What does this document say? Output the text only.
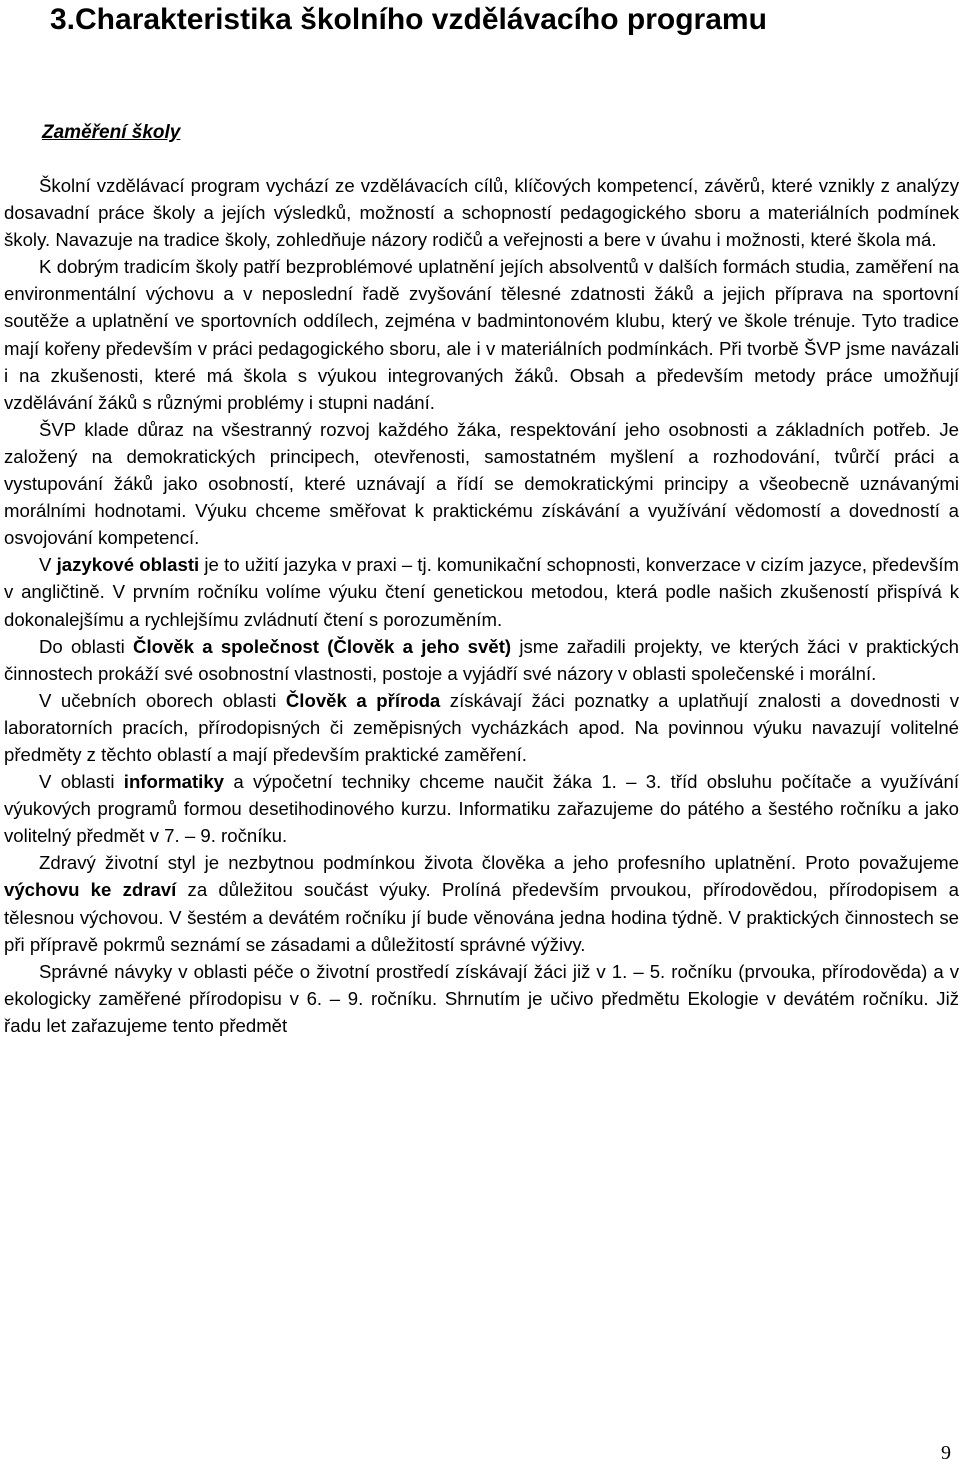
3.Charakteristika školního vzdělávacího programu
Zaměření školy

Školní vzdělávací program vychází ze vzdělávacích cílů, klíčových kompetencí, závěrů, které vznikly z analýzy dosavadní práce školy a jejích výsledků, možností a schopností pedagogického sboru a materiálních podmínek školy. Navazuje na tradice školy, zohledňuje názory rodičů a veřejnosti a bere v úvahu i možnosti, které škola má.

K dobrým tradicím školy patří bezproblémové uplatnění jejích absolventů v dalších formách studia, zaměření na environmentální výchovu a v neposlední řadě zvyšování tělesné zdatnosti žáků a jejich příprava na sportovní soutěže a uplatnění ve sportovních oddílech, zejména v badmintonovém klubu, který ve škole trénuje. Tyto tradice mají kořeny především v práci pedagogického sboru, ale i v materiálních podmínkách. Při tvorbě ŠVP jsme navázali i na zkušenosti, které má škola s výukou integrovaných žáků. Obsah a především metody práce umožňují vzdělávání žáků s různými problémy i stupni nadání.

ŠVP klade důraz na všestranný rozvoj každého žáka, respektování jeho osobnosti a základních potřeb. Je založený na demokratických principech, otevřenosti, samostatném myšlení a rozhodování, tvůrčí práci a vystupování žáků jako osobností, které uznávají a řídí se demokratickými principy a všeobecně uznávanými morálními hodnotami. Výuku chceme směřovat k praktickému získávání a využívání vědomostí a dovedností a osvojování kompetencí.

V jazykové oblasti je to užití jazyka v praxi – tj. komunikační schopnosti, konverzace v cizím jazyce, především v angličtině. V prvním ročníku volíme výuku čtení genetickou metodou, která podle našich zkušeností přispívá k dokonalejšímu a rychlejšímu zvládnutí čtení s porozuměním.

Do oblasti Člověk a společnost (Člověk a jeho svět) jsme zařadili projekty, ve kterých žáci v praktických činnostech prokáží své osobnostní vlastnosti, postoje a vyjádří své názory v oblasti společenské i morální.

V učebních oborech oblasti Člověk a příroda získávají žáci poznatky a uplatňují znalosti a dovednosti v laboratorních pracích, přírodopisných či zeměpisných vycházkách apod. Na povinnou výuku navazují volitelné předměty z těchto oblastí a mají především praktické zaměření.

V oblasti informatiky a výpočetní techniky chceme naučit žáka 1. – 3. tříd obsluhu počítače a využívání výukových programů formou desetihodinového kurzu. Informatiku zařazujeme do pátého a šestého ročníku a jako volitelný předmět v 7. – 9. ročníku.

Zdravý životní styl je nezbytnou podmínkou života člověka a jeho profesního uplatnění. Proto považujeme výchovu ke zdraví za důležitou součást výuky. Prolíná především prvoukou, přírodovědou, přírodopisem a tělesnou výchovou. V šestém a devátém ročníku jí bude věnována jedna hodina týdně. V praktických činnostech se při přípravě pokrmů seznámí se zásadami a důležitostí správné výživy.

Správné návyky v oblasti péče o životní prostředí získávají žáci již v 1. – 5. ročníku (prvouka, přírodověda) a v ekologicky zaměřené přírodopisu v 6. – 9. ročníku. Shrnutím je učivo předmětu Ekologie v devátém ročníku. Již řadu let zařazujeme tento předmět

9
